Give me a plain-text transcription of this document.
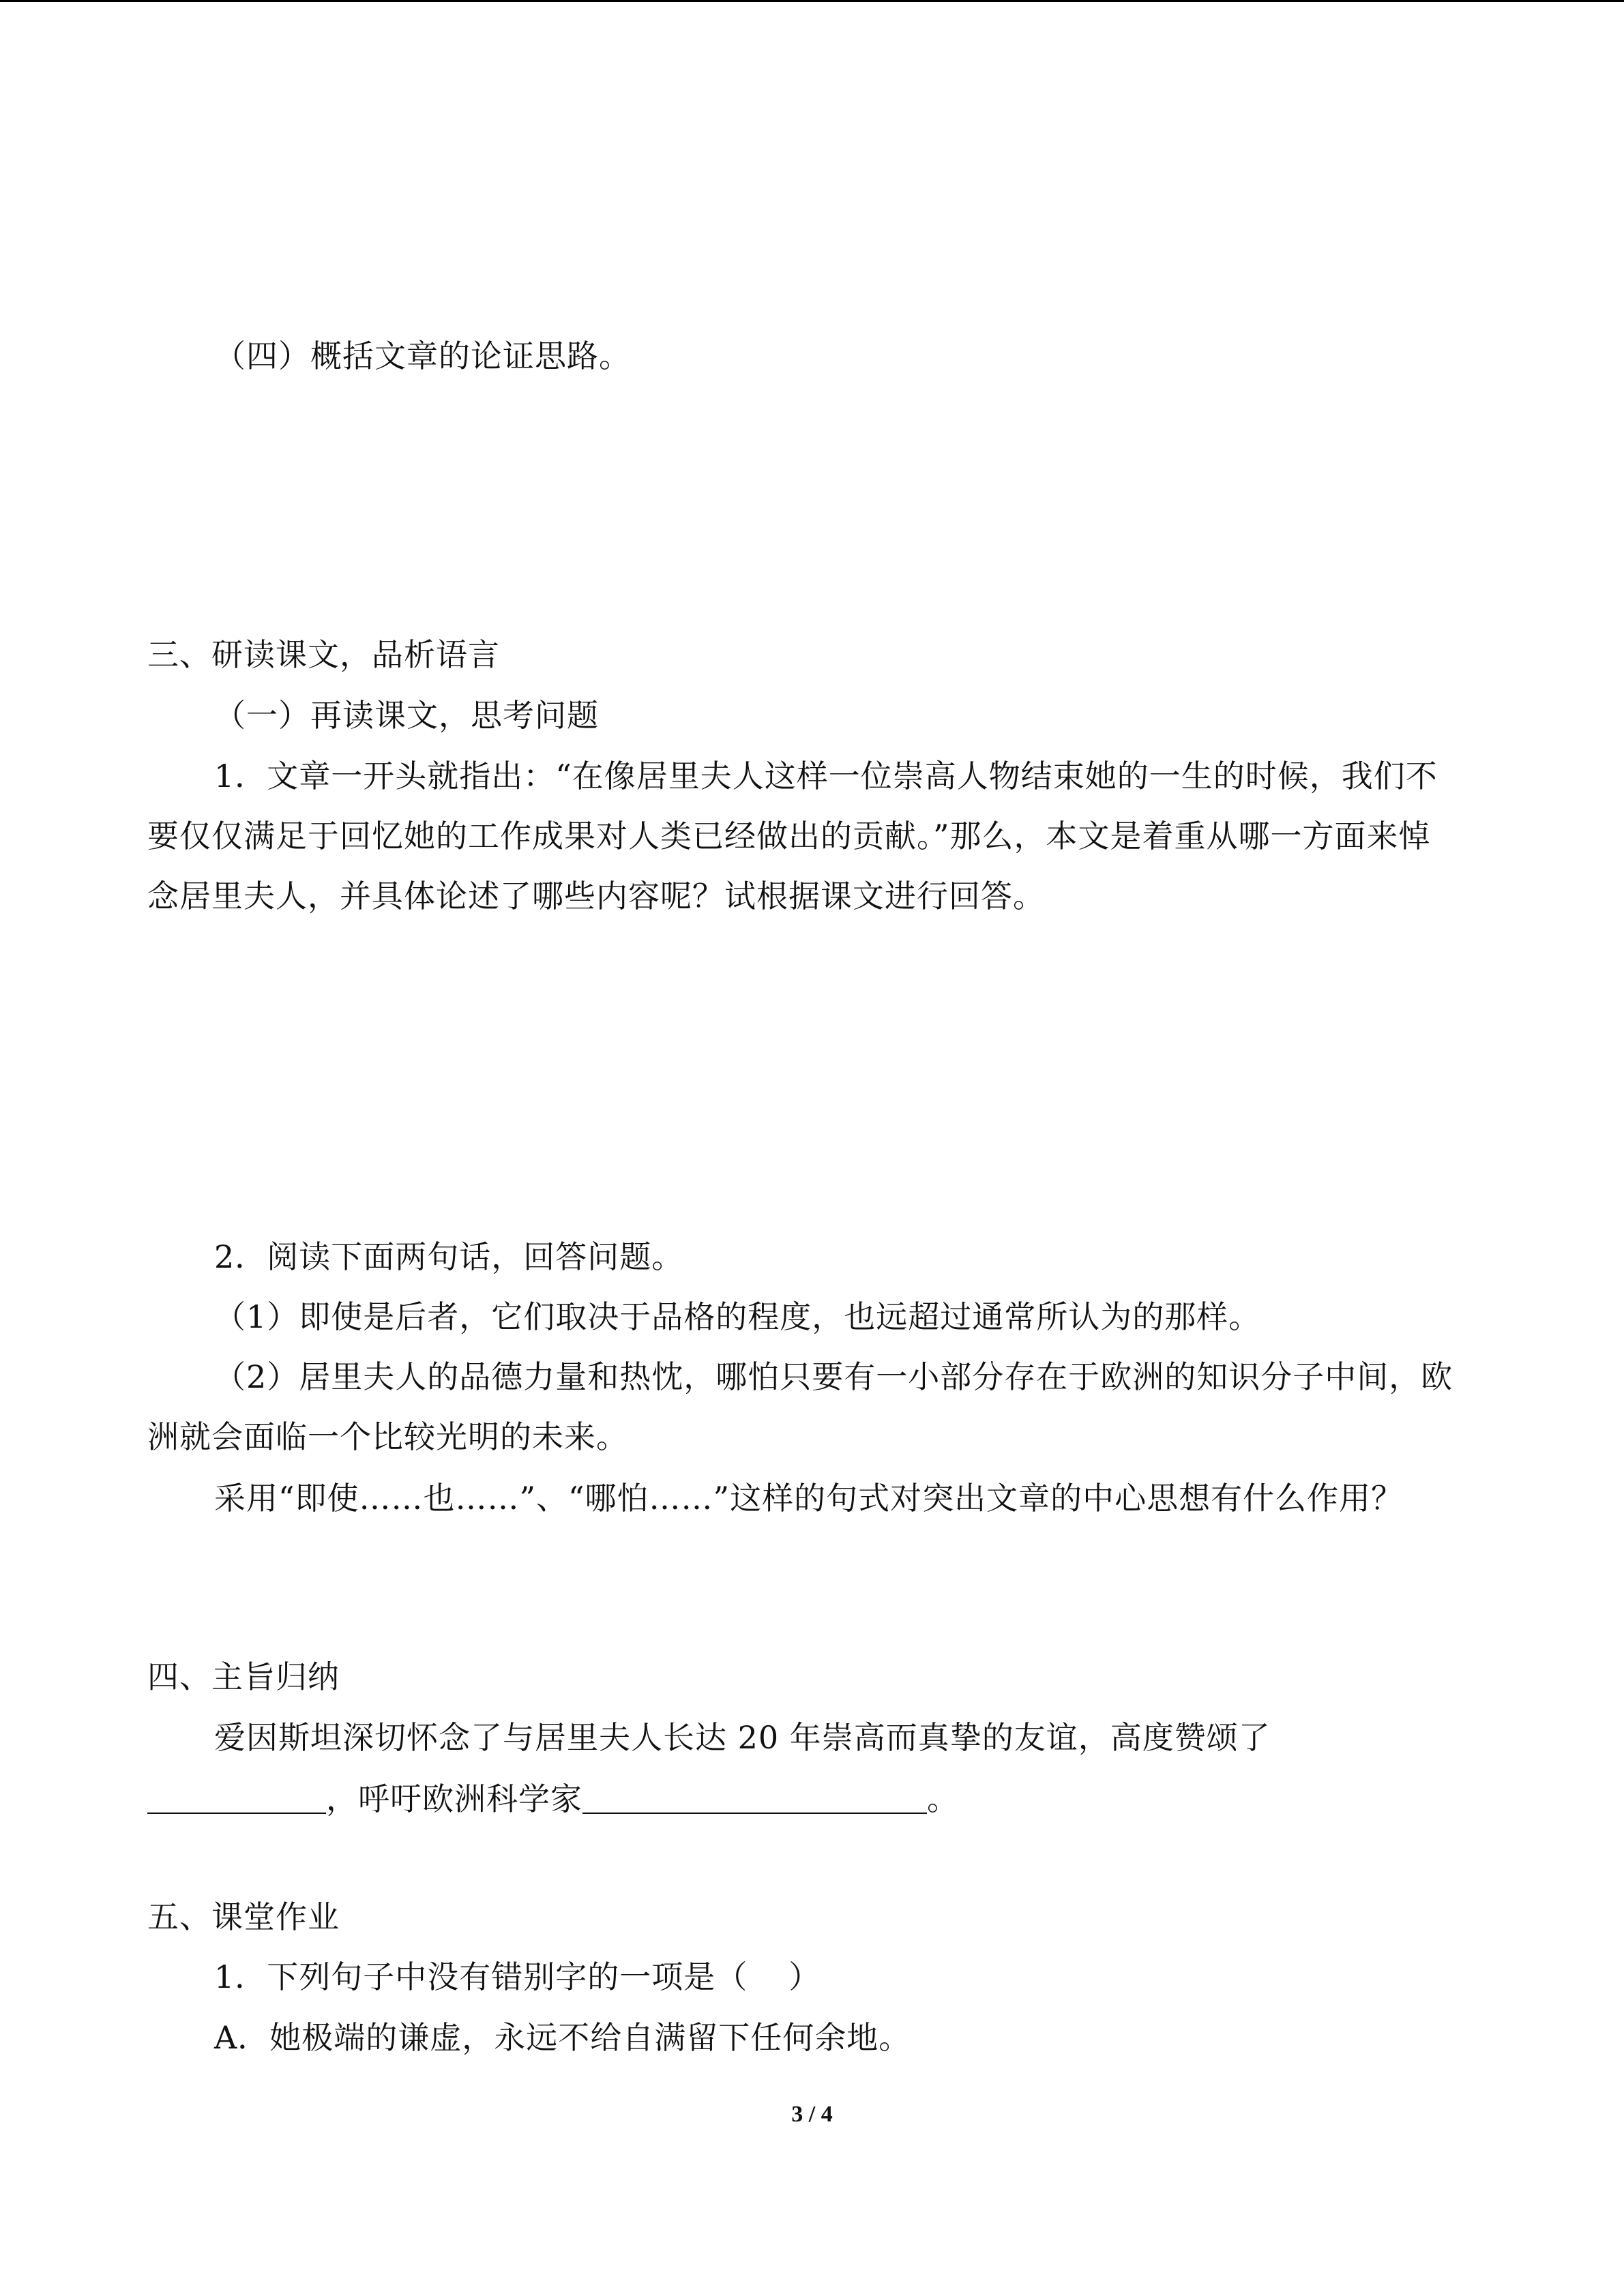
（四）概括文章的论证思路。
三、研读课文，品析语言
（一）再读课文，思考问题
1．文章一开头就指出：“在像居里夫人这样一位崇高人物结束她的一生的时候，我们不
要仅仅满足于回忆她的工作成果对人类已经做出的贡献。”那么，本文是着重从哪一方面来悼
念居里夫人，并具体论述了哪些内容呢？试根据课文进行回答。
2．阅读下面两句话，回答问题。
（1）即使是后者，它们取决于品格的程度，也远超过通常所认为的那样。
（2）居里夫人的品德力量和热忱，哪怕只要有一小部分存在于欧洲的知识分子中间，欧
洲就会面临一个比较光明的未来。
采用“即使……也……”、“哪怕……”这样的句式对突出文章的中心思想有什么作用？
四、主旨归纳
爱因斯坦深切怀念了与居里夫人长达 20 年崇高而真挚的友谊，高度赞颂了
，呼吁欧洲科学家	。
五、课堂作业
1．下列句子中没有错别字的一项是（ ）
A．她极端的谦虚，永远不给自满留下任何余地。
3 / 4
